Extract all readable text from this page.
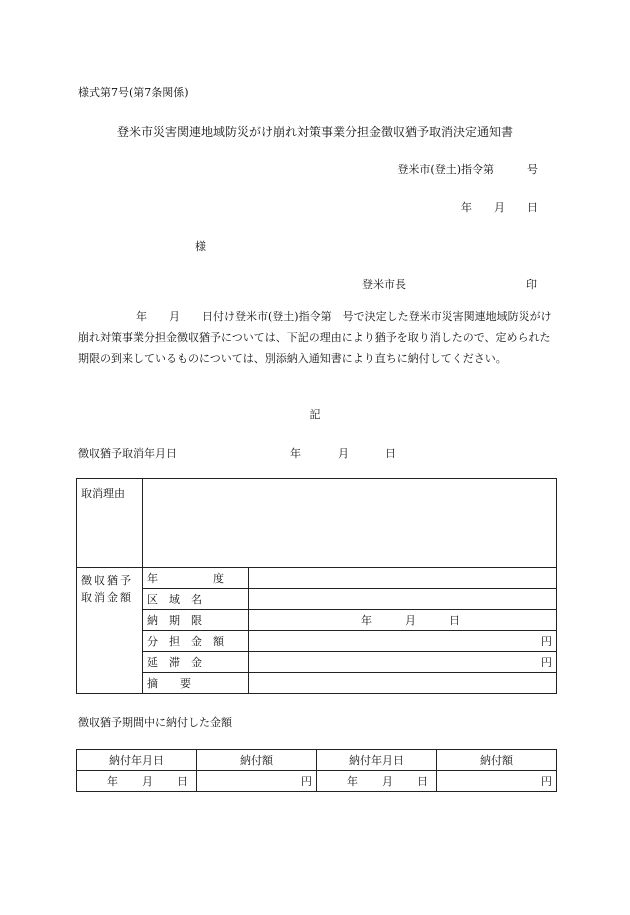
様式第7号(第7条関係)
登米市災害関連地域防災がけ崩れ対策事業分担金徴収猶予取消決定通知書
登米市(登土)指令第　　　号
年　　月　　日
様
登米市長	印
年　　月　　日付け登米市(登土)指令第　号で決定した登米市災害関連地域防災がけ崩れ対策事業分担金徴収猶予については、下記の理由により猶予を取り消したので、定められた期限の到来しているものについては、別添納入通知書により直ちに納付してください。
記
徴収猶予取消年月日	年	月	日
取消理由		

徴収猶予
取消金額	年　　　　　度	
	区　域　名	
	納　期　限	年　　　月　　　日
	分　担　金　額	円
	延　滞　金	円
	摘　　要	
徴収猶予期間中に納付した金額
納付年月日	納付額	納付年月日	納付額

年 月 日	円	年 月 日	円
